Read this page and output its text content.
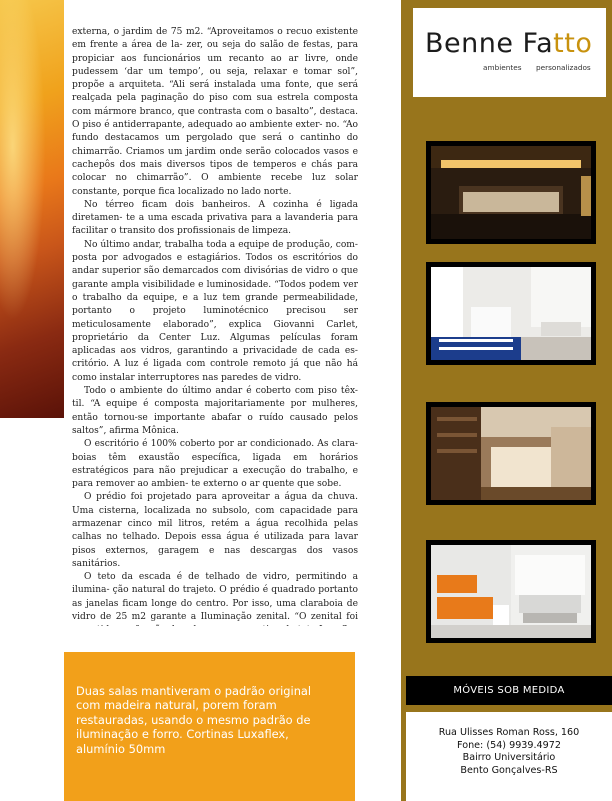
externa, o jardim de 75 m2. “Aproveitamos o recuo existente em frente a área de la- zer, ou seja do salão de festas, para propiciar aos funcionários um recanto ao ar livre, onde pudessem ‘dar um tempo’, ou seja, relaxar e tomar sol”, propõe a arquiteta. “Ali será instalada uma fonte, que será realçada pela paginação do piso com sua estrela composta com mármore branco, que contrasta com o basalto”, destaca. O piso é antiderrapante, adequado ao ambiente exter- no. “Ao fundo destacamos um pergolado que será o cantinho do chimarrão. Criamos um jardim onde serão colocados vasos e cachepôs dos mais diversos tipos de temperos e chás para colocar no chimarrão”. O ambiente recebe luz solar constante, porque fica localizado no lado norte.

No térreo ficam dois banheiros. A cozinha é ligada diretamen- te a uma escada privativa para a lavanderia para facilitar o transito dos profissionais de limpeza.

No último andar, trabalha toda a equipe de produção, com- posta por advogados e estagiários. Todos os escritórios do andar superior são demarcados com divisórias de vidro o que garante ampla visibilidade e luminosidade. “Todos podem ver o trabalho da equipe, e a luz tem grande permeabilidade, portanto o projeto luminotécnico precisou ser meticulosamente elaborado”, explica Giovanni Carlet, proprietário da Center Luz. Algumas películas foram aplicadas aos vidros, garantindo a privacidade de cada es- critório. A luz é ligada com controle remoto já que não há como instalar interruptores nas paredes de vidro.

Todo o ambiente do último andar é coberto com piso têx- til. “A equipe é composta majoritariamente por mulheres, então tornou-se importante abafar o ruído causado pelos saltos”, afirma Mônica.

O escritório é 100% coberto por ar condicionado. As clara- boias têm exaustão específica, ligada em horários estratégicos para não prejudicar a execução do trabalho, e para remover ao ambien- te externo o ar quente que sobe.

O prédio foi projetado para aproveitar a água da chuva. Uma cisterna, localizada no subsolo, com capacidade para armazenar cinco mil litros, retém a água recolhida pelas calhas no telhado. Depois essa água é utilizada para lavar pisos externos, garagem e nas descargas dos vasos sanitários.

O teto da escada é de telhado de vidro, permitindo a ilumina- ção natural do trajeto. O prédio é quadrado portanto as janelas ficam longe do centro. Por isso, uma claraboia de vidro de 25 m2 garante a Iluminação zenital. “O zenital foi

Duas salas mantiveram o padrão original com madeira natural, porem foram restauradas, usando o mesmo padrão de iluminação e forro. Cortinas Luxaflex, alumínio 50mm

Benne Fatto
ambientes personalizados
MÓVEIS SOB MEDIDA
Rua Ulisses Roman Ross, 160
Fone: (54) 9939.4972
Bairro Universitário
Bento Gonçalves-RS
